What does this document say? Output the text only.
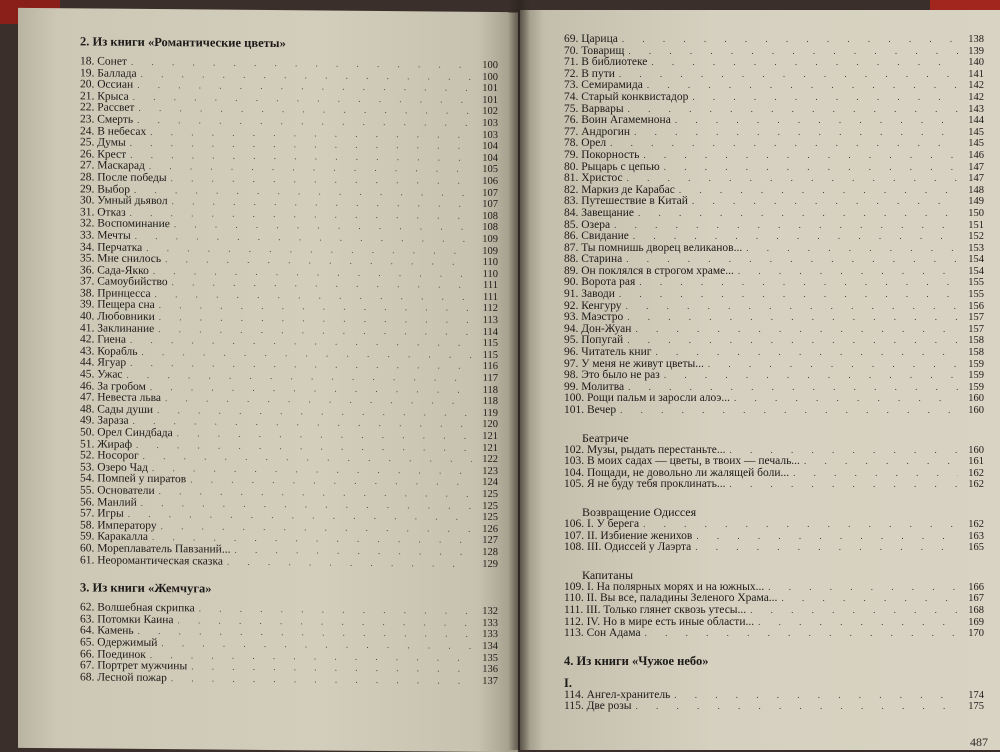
2. Из книги «Романтические цветы»
18. Сонет . . .	100
19. Баллада . . .	100
20. Оссиан . . .	101
21. Крыса . . .	101
22. Рассвет . . .	102
23. Смерть . . .	103
24. В небесах . . .	103
25. Думы . . .	104
26. Крест . . .	104
27. Маскарад . . .	105
28. После победы . . .	106
29. Выбор . . .	107
30. Умный дьявол . . .	107
31. Отказ . . .	108
32. Воспоминание . . .	108
33. Мечты . . .	109
34. Перчатка . . .	109
35. Мне снилось . . .	110
36. Сада-Якко . . .	110
37. Самоубийство . . .	111
38. Принцесса . . .	111
39. Пещера сна . . .	112
40. Любовники . . .	113
41. Заклинание . . .	114
42. Гиена . . .	115
43. Корабль . . .	115
44. Ягуар . . .	116
45. Ужас . . .	117
46. За гробом . . .	118
47. Невеста льва . . .	118
48. Сады души . . .	119
49. Зараза . . .	120
50. Орел Синдбада . . .	121
51. Жираф . . .	121
52. Носорог . . .	122
53. Озеро Чад . . .	123
54. Помпей у пиратов . . .	124
55. Основатели . . .	125
56. Манлий . . .	125
57. Игры . . .	125
58. Императору . . .	126
59. Каракалла . . .	127
60. Мореплаватель Павзаний... . . .	128
61. Неоромантическая сказка . . .	129
3. Из книги «Жемчуга»
62. Волшебная скрипка . . .	132
63. Потомки Каина . . .	133
64. Камень . . .	133
65. Одержимый . . .	134
66. Поединок . . .	135
67. Портрет мужчины . . .	136
68. Лесной пожар . . .	137
69. Царица . . .	138
70. Товарищ . . .	139
71. В библиотеке . . .	140
72. В пути . . .	141
73. Семирамида . . .	142
74. Старый конквистадор . . .	142
75. Варвары . . .	143
76. Воин Агамемнона . . .	144
77. Андрогин . . .	145
78. Орел . . .	145
79. Покорность . . .	146
80. Рыцарь с цепью . . .	147
81. Христос . . .	147
82. Маркиз де Карабас . . .	148
83. Путешествие в Китай . . .	149
84. Завещание . . .	150
85. Озера . . .	151
86. Свидание . . .	152
87. Ты помнишь дворец великанов... . . .	153
88. Старина . . .	154
89. Он поклялся в строгом храме... . . .	154
90. Ворота рая . . .	155
91. Заводи . . .	155
92. Кенгуру . . .	156
93. Маэстро . . .	157
94. Дон-Жуан . . .	157
95. Попугай . . .	158
96. Читатель книг . . .	158
97. У меня не живут цветы... . . .	159
98. Это было не раз . . .	159
99. Молитва . . .	159
100. Рощи пальм и заросли алоэ... . . .	160
101. Вечер . . .	160
Беатриче
102. Музы, рыдать перестаньте... . . .	160
103. В моих садах — цветы, в твоих — печаль... . . .	161
104. Пощади, не довольно ли жалящей боли... . . .	162
105. Я не буду тебя проклинать... . . .	162
Возвращение Одиссея
106. I. У берега . . .	162
107. II. Избиение женихов . . .	163
108. III. Одиссей у Лаэрта . . .	165
Капитаны
109. I. На полярных морях и на южных... . . .	166
110. II. Вы все, паладины Зеленого Храма... . . .	167
111. III. Только глянет сквозь утесы... . . .	168
112. IV. Но в мире есть иные области... . . .	169
113. Сон Адама . . .	170
4. Из книги «Чужое небо»
I.
114. Ангел-хранитель . . .	174
115. Две розы . . .	175
487
